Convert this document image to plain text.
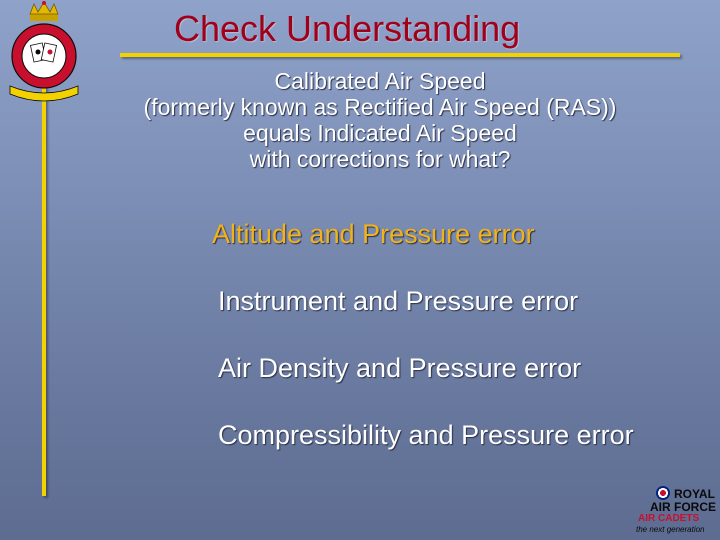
Check Understanding
Calibrated Air Speed
(formerly known as Rectified Air Speed (RAS))
equals Indicated Air Speed
with corrections for what?
Altitude and Pressure error
Instrument and Pressure error
Air Density and Pressure error
Compressibility and Pressure error
ROYAL
AIR FORCE
AIR CADETS
the next generation
